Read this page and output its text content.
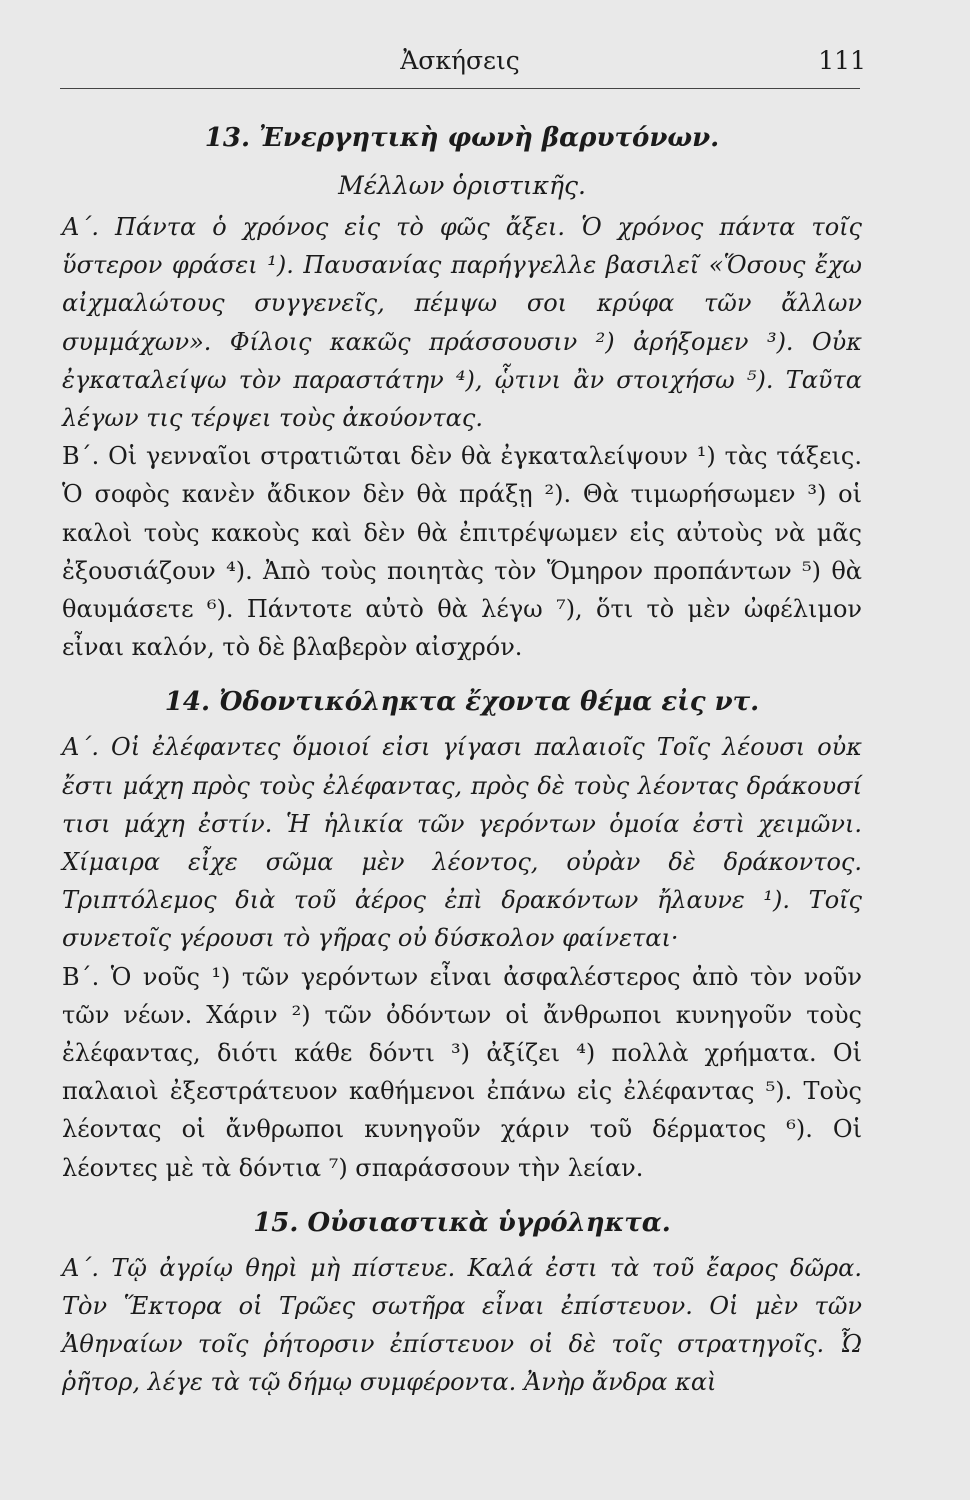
Ἀσκήσεις	111
13. Ἐνεργητικὴ φωνὴ βαρυτόνων.
Μέλλων ὁριστικῆς.

Α΄. Πάντα ὁ χρόνος εἰς τὸ φῶς ἄξει. Ὁ χρόνος πάντα τοῖς ὕστερον φράσει ¹). Παυσανίας παρήγγελλε βασιλεῖ «Ὅσους ἔχω αἰχμαλώτους συγγενεῖς, πέμψω σοι κρύφα τῶν ἄλλων συμμάχων». Φίλοις κακῶς πράσσουσιν ²) ἀρήξομεν ³). Οὐκ ἐγκαταλείψω τὸν παραστάτην ⁴), ᾧτινι ἂν στοιχήσω ⁵). Ταῦτα λέγων τις τέρψει τοὺς ἀκούοντας.

Β΄. Οἱ γενναῖοι στρατιῶται δὲν θὰ ἐγκαταλείψουν ¹) τὰς τάξεις. Ὁ σοφὸς κανὲν ἄδικον δὲν θὰ πράξῃ ²). Θὰ τιμωρήσωμεν ³) οἱ καλοὶ τοὺς κακοὺς καὶ δὲν θὰ ἐπιτρέψωμεν εἰς αὐτοὺς νὰ μᾶς ἐξουσιάζουν ⁴). Ἀπὸ τοὺς ποιητὰς τὸν Ὅμηρον προπάντων ⁵) θὰ θαυμάσετε ⁶). Πάντοτε αὐτὸ θὰ λέγω ⁷), ὅτι τὸ μὲν ὠφέλιμον εἶναι καλόν, τὸ δὲ βλαβερὸν αἰσχρόν.

14. Ὀδοντικόληκτα ἔχοντα θέμα εἰς ντ.

Α΄. Οἱ ἐλέφαντες ὅμοιοί εἰσι γίγασι παλαιοῖς Τοῖς λέουσι οὐκ ἔστι μάχη πρὸς τοὺς ἐλέφαντας, πρὸς δὲ τοὺς λέοντας δράκουσί τισι μάχη ἐστίν. Ἡ ἡλικία τῶν γερόντων ὁμοία ἐστὶ χειμῶνι. Χίμαιρα εἶχε σῶμα μὲν λέοντος, οὐρὰν δὲ δράκοντος. Τριπτόλεμος διὰ τοῦ ἀέρος ἐπὶ δρακόντων ἤλαυνε ¹). Τοῖς συνετοῖς γέρουσι τὸ γῆρας οὐ δύσκολον φαίνεται·

Β΄. Ὁ νοῦς ¹) τῶν γερόντων εἶναι ἀσφαλέστερος ἀπὸ τὸν νοῦν τῶν νέων. Χάριν ²) τῶν ὀδόντων οἱ ἄνθρωποι κυνηγοῦν τοὺς ἐλέφαντας, διότι κάθε δόντι ³) ἀξίζει ⁴) πολλὰ χρήματα. Οἱ παλαιοὶ ἐξεστράτευον καθήμενοι ἐπάνω εἰς ἐλέφαντας ⁵). Τοὺς λέοντας οἱ ἄνθρωποι κυνηγοῦν χάριν τοῦ δέρματος ⁶). Οἱ λέοντες μὲ τὰ δόντια ⁷) σπαράσσουν τὴν λείαν.

15. Οὐσιαστικὰ ὑγρόληκτα.

Α΄. Τῷ ἀγρίῳ θηρὶ μὴ πίστευε. Καλά ἐστι τὰ τοῦ ἔαρος δῶρα. Τὸν Ἕκτορα οἱ Τρῶες σωτῆρα εἶναι ἐπίστευον. Οἱ μὲν τῶν Ἀθηναίων τοῖς ῥήτορσιν ἐπίστευον οἱ δὲ τοῖς στρατηγοῖς. Ὦ ῥῆτορ, λέγε τὰ τῷ δήμῳ συμφέροντα. Ἀνὴρ ἄνδρα καὶ
